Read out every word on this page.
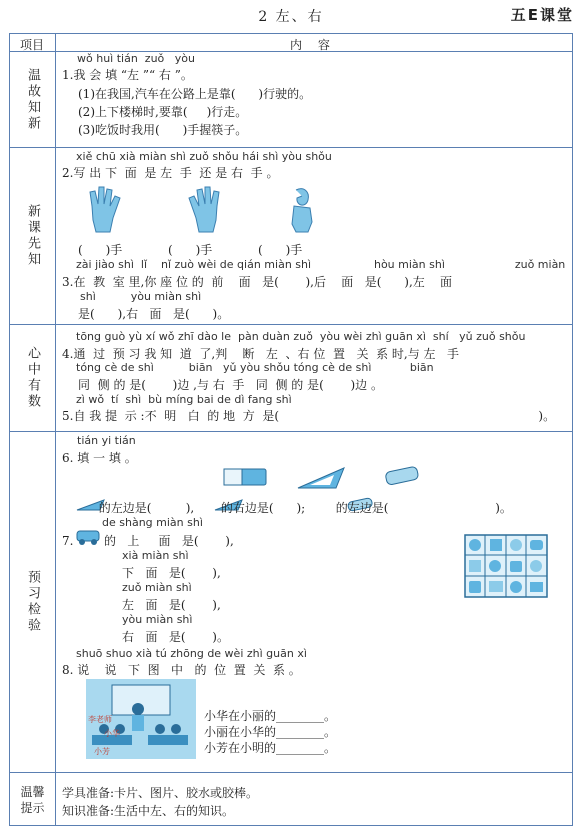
2 左、右	五E课堂
项目	内 容
温故知新
新课先知
心中有数
预习检验
温馨提示
wǒ huì tián  zuǒ   yòu
1.我 会 填 “左 ”“ 右 ”。
(1)在我国,汽车在公路上是靠(      )行驶的。
(2)上下楼梯时,要靠(     )行走。
(3)吃饭时我用(      )手握筷子。
xiě chū xià miàn shì zuǒ shǒu hái shì yòu shǒu
2.写 出 下  面  是 左  手  还 是 右  手 。
(      )手            (      )手            (      )手
zài jiào shì  lǐ    nǐ zuò wèi de qián miàn shì                  hòu miàn shì                    zuǒ miàn
3.在  教  室 里,你 座 位 的  前    面   是(       ),后    面   是(      ),左    面
shì          yòu miàn shì
是(      ),右   面   是(      )。
tōng guò yù xí wǒ zhī dào le  pàn duàn zuǒ  yòu wèi zhì guān xì  shí   yǔ zuǒ shǒu
4.通  过  预 习 我 知  道  了,判    断   左  、右 位  置   关  系 时,与 左   手
tóng cè de shì          biān   yǔ yòu shǒu tóng cè de shì           biān
同  侧 的 是(       )边 ,与 右  手   同  侧 的 是(       )边 。
zì wǒ  tí  shì  bù míng bai de dì fang shì
5.自 我 提  示 :不  明   白  的 地  方  是(                                                                    )。
tián yi tián
6. 填 一 填 。
的左边是(         ),       的右边是(      );        的左边是(                            )。
de shàng miàn shì
7.        的   上     面   是(       ),
xià miàn shì
下   面   是(       ),
zuǒ miàn shì
左   面   是(       ),
yòu miàn shì
右   面   是(       )。
shuō shuo xià tú zhōng de wèi zhì guān xì
8. 说    说   下  图   中   的  位  置  关  系 。
李老师
小华
小芳
小华在小丽的________。
小丽在小华的________。
小芳在小明的________。
学具准备:卡片、图片、胶水或胶棒。
知识准备:生活中左、右的知识。
